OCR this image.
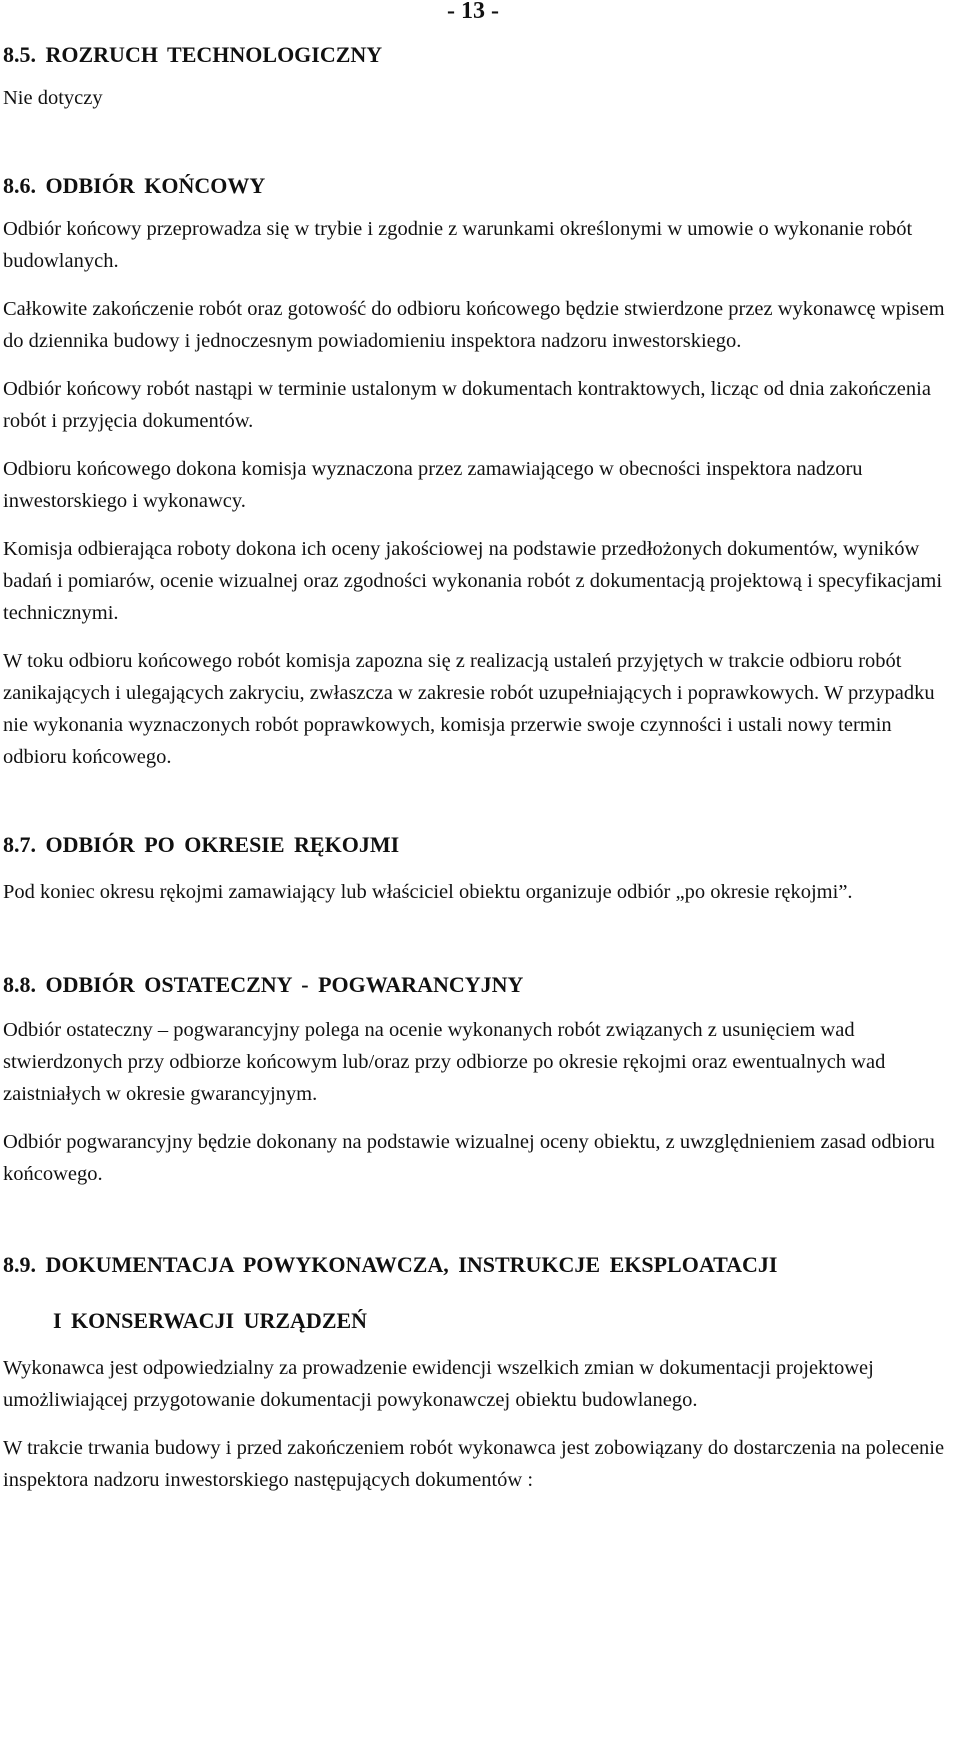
- 13 -
8.5. ROZRUCH TECHNOLOGICZNY

Nie dotyczy

8.6. ODBIÓR KOŃCOWY

Odbiór końcowy przeprowadza się w trybie i zgodnie z warunkami określonymi w umowie o wykonanie robót budowlanych.

Całkowite zakończenie robót oraz gotowość do odbioru końcowego będzie stwierdzone przez wykonawcę wpisem do dziennika budowy i jednoczesnym powiadomieniu inspektora nadzoru inwestorskiego.

Odbiór końcowy robót nastąpi w terminie ustalonym w dokumentach kontraktowych, licząc od dnia zakończenia robót i przyjęcia dokumentów.

Odbioru końcowego dokona komisja wyznaczona przez zamawiającego w obecności inspektora nadzoru inwestorskiego i wykonawcy.

Komisja odbierająca roboty dokona ich oceny jakościowej na podstawie przedłożonych dokumentów, wyników badań i pomiarów, ocenie wizualnej oraz zgodności wykonania robót z dokumentacją projektową i specyfikacjami technicznymi.

W toku odbioru końcowego robót komisja zapozna się z realizacją ustaleń przyjętych w trakcie odbioru robót zanikających i ulegających zakryciu, zwłaszcza w zakresie robót uzupełniających i poprawkowych. W przypadku nie wykonania wyznaczonych robót poprawkowych, komisja przerwie swoje czynności i ustali nowy termin odbioru końcowego.

8.7. ODBIÓR PO OKRESIE RĘKOJMI

Pod koniec okresu rękojmi zamawiający lub właściciel obiektu organizuje odbiór „po okresie rękojmi”.

8.8. ODBIÓR OSTATECZNY - POGWARANCYJNY

Odbiór ostateczny – pogwarancyjny polega na ocenie wykonanych robót związanych z usunięciem wad stwierdzonych przy odbiorze końcowym lub/oraz przy odbiorze po okresie rękojmi oraz ewentualnych wad zaistniałych w okresie gwarancyjnym.

Odbiór pogwarancyjny będzie dokonany na podstawie wizualnej oceny obiektu, z uwzględnieniem zasad odbioru końcowego.

8.9. DOKUMENTACJA POWYKONAWCZA, INSTRUKCJE EKSPLOATACJI
I KONSERWACJI URZĄDZEŃ

Wykonawca jest odpowiedzialny za prowadzenie ewidencji wszelkich zmian w dokumentacji projektowej umożliwiającej przygotowanie dokumentacji powykonawczej obiektu budowlanego.

W trakcie trwania budowy i przed zakończeniem robót wykonawca jest zobowiązany do dostarczenia na polecenie inspektora nadzoru inwestorskiego następujących dokumentów :
